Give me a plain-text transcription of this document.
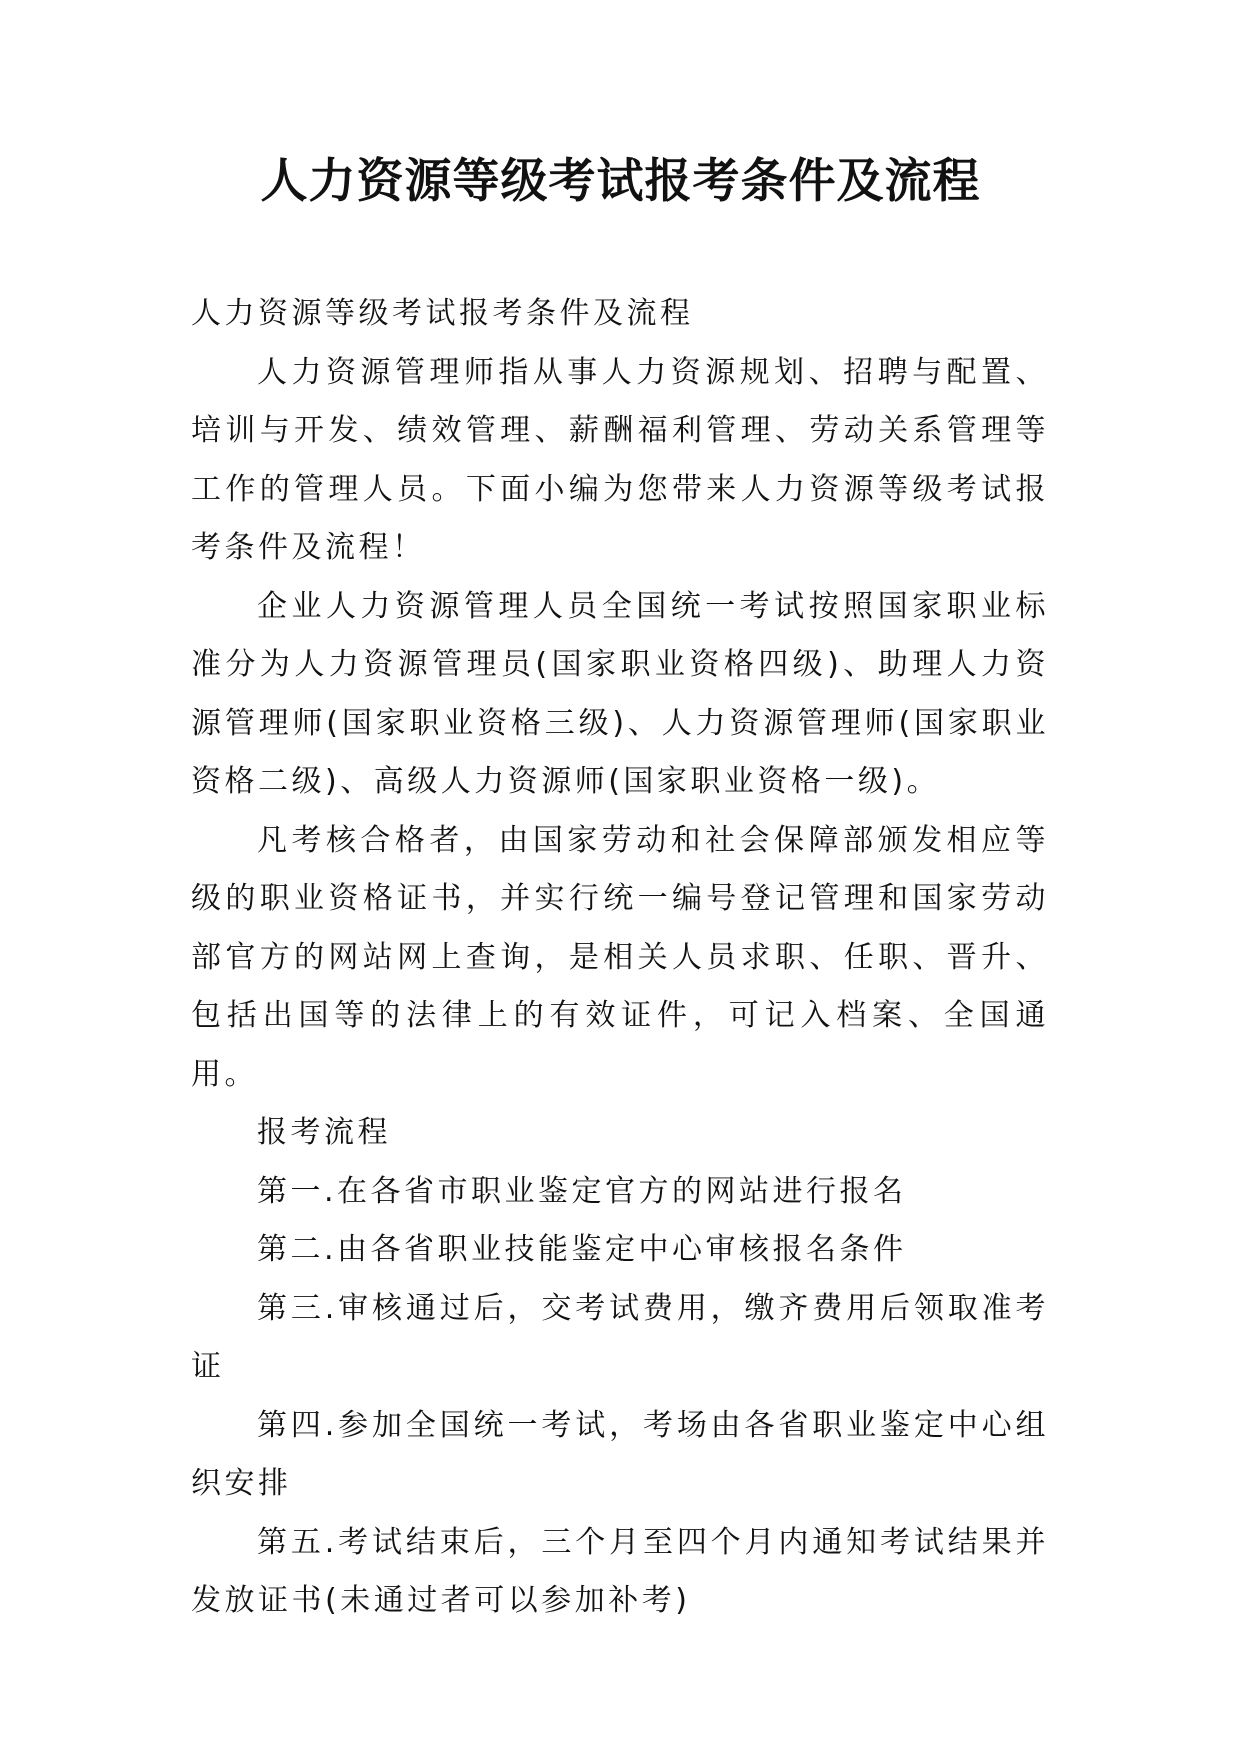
人力资源等级考试报考条件及流程

人力资源等级考试报考条件及流程

人力资源管理师指从事人力资源规划、招聘与配置、培训与开发、绩效管理、薪酬福利管理、劳动关系管理等工作的管理人员。下面小编为您带来人力资源等级考试报考条件及流程！

企业人力资源管理人员全国统一考试按照国家职业标准分为人力资源管理员(国家职业资格四级)、助理人力资源管理师(国家职业资格三级)、人力资源管理师(国家职业资格二级)、高级人力资源师(国家职业资格一级)。

凡考核合格者，由国家劳动和社会保障部颁发相应等级的职业资格证书，并实行统一编号登记管理和国家劳动部官方的网站网上查询，是相关人员求职、任职、晋升、包括出国等的法律上的有效证件，可记入档案、全国通用。

报考流程

第一.在各省市职业鉴定官方的网站进行报名

第二.由各省职业技能鉴定中心审核报名条件

第三.审核通过后，交考试费用，缴齐费用后领取准考证

第四.参加全国统一考试，考场由各省职业鉴定中心组织安排

第五.考试结束后，三个月至四个月内通知考试结果并发放证书(未通过者可以参加补考)
